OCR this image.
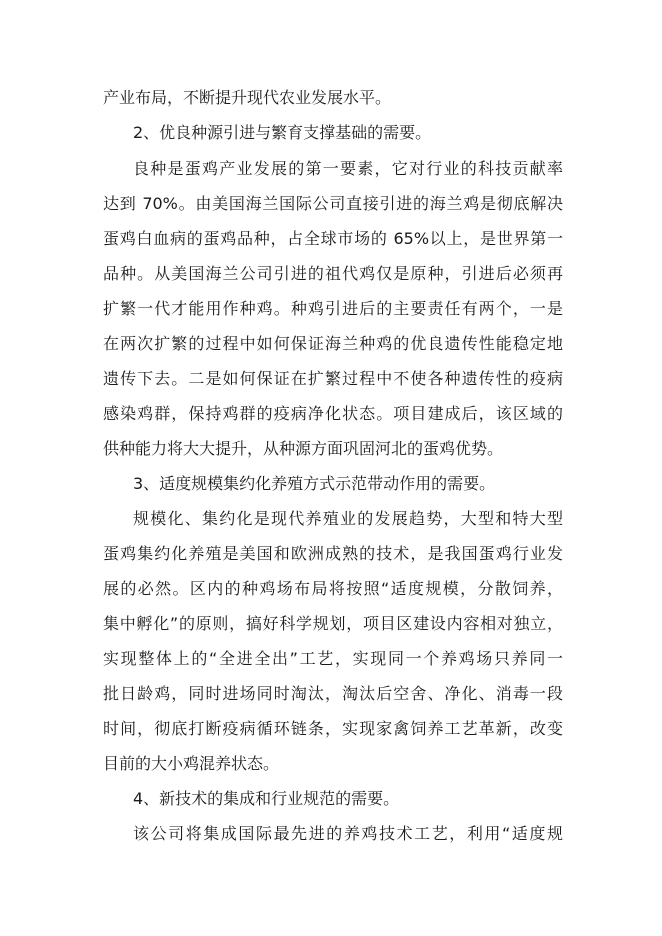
产业布局，不断提升现代农业发展水平。
2、优良种源引进与繁育支撑基础的需要。
良种是蛋鸡产业发展的第一要素，它对行业的科技贡献率
达到 70%。由美国海兰国际公司直接引进的海兰鸡是彻底解决
蛋鸡白血病的蛋鸡品种，占全球市场的 65%以上，是世界第一
品种。从美国海兰公司引进的祖代鸡仅是原种，引进后必须再
扩繁一代才能用作种鸡。种鸡引进后的主要责任有两个，一是
在两次扩繁的过程中如何保证海兰种鸡的优良遗传性能稳定地
遗传下去。二是如何保证在扩繁过程中不使各种遗传性的疫病
感染鸡群，保持鸡群的疫病净化状态。项目建成后，该区域的
供种能力将大大提升，从种源方面巩固河北的蛋鸡优势。
3、适度规模集约化养殖方式示范带动作用的需要。
规模化、集约化是现代养殖业的发展趋势，大型和特大型
蛋鸡集约化养殖是美国和欧洲成熟的技术，是我国蛋鸡行业发
展的必然。区内的种鸡场布局将按照“适度规模，分散饲养，
集中孵化”的原则，搞好科学规划，项目区建设内容相对独立，
实现整体上的“全进全出”工艺，实现同一个养鸡场只养同一
批日龄鸡，同时进场同时淘汰，淘汰后空舍、净化、消毒一段
时间，彻底打断疫病循环链条，实现家禽饲养工艺革新，改变
目前的大小鸡混养状态。
4、新技术的集成和行业规范的需要。
该公司将集成国际最先进的养鸡技术工艺，利用“适度规
